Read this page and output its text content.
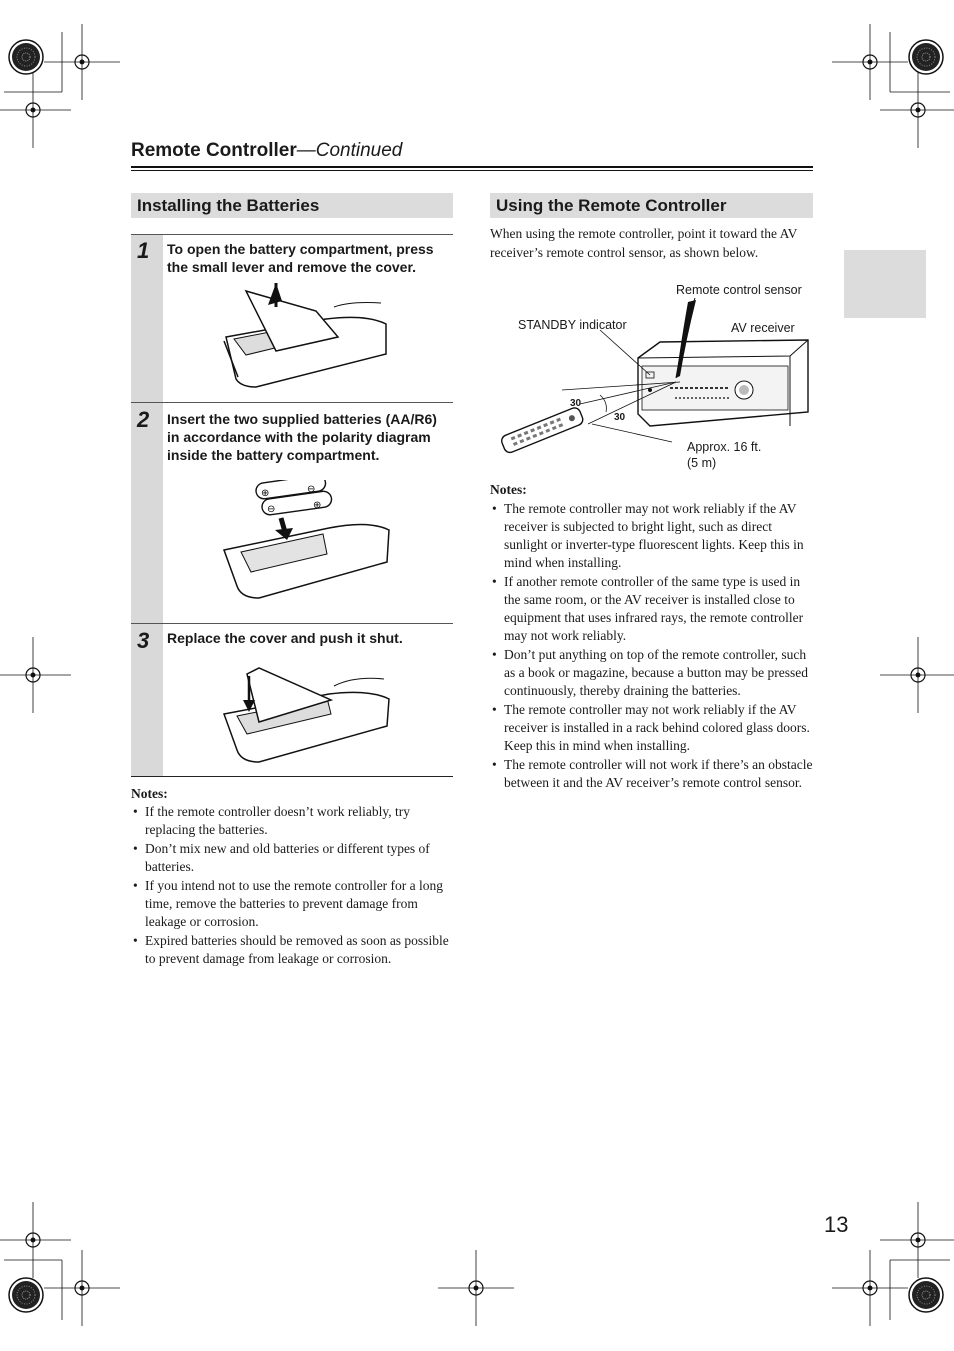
Remote Controller—Continued
Installing the Batteries
1 To open the battery compartment, press the small lever and remove the cover.
2 Insert the two supplied batteries (AA/R6) in accordance with the polarity diagram inside the battery compartment.
3 Replace the cover and push it shut.
⊕	⊖
⊖	⊕
Notes:
• If the remote controller doesn’t work reliably, try replacing the batteries.
• Don’t mix new and old batteries or different types of batteries.
• If you intend not to use the remote controller for a long time, remove the batteries to prevent damage from leakage or corrosion.
• Expired batteries should be removed as soon as possible to prevent damage from leakage or corrosion.
Using the Remote Controller
When using the remote controller, point it toward the AV receiver’s remote control sensor, as shown below.
Remote control sensor
STANDBY indicator	AV receiver
30
30
Approx. 16 ft.
(5 m)
Notes:
• The remote controller may not work reliably if the AV receiver is subjected to bright light, such as direct sunlight or inverter-type fluorescent lights. Keep this in mind when installing.
• If another remote controller of the same type is used in the same room, or the AV receiver is installed close to equipment that uses infrared rays, the remote controller may not work reliably.
• Don’t put anything on top of the remote controller, such as a book or magazine, because a button may be pressed continuously, thereby draining the batteries.
• The remote controller may not work reliably if the AV receiver is installed in a rack behind colored glass doors. Keep this in mind when installing.
• The remote controller will not work if there’s an obstacle between it and the AV receiver’s remote control sensor.
13
